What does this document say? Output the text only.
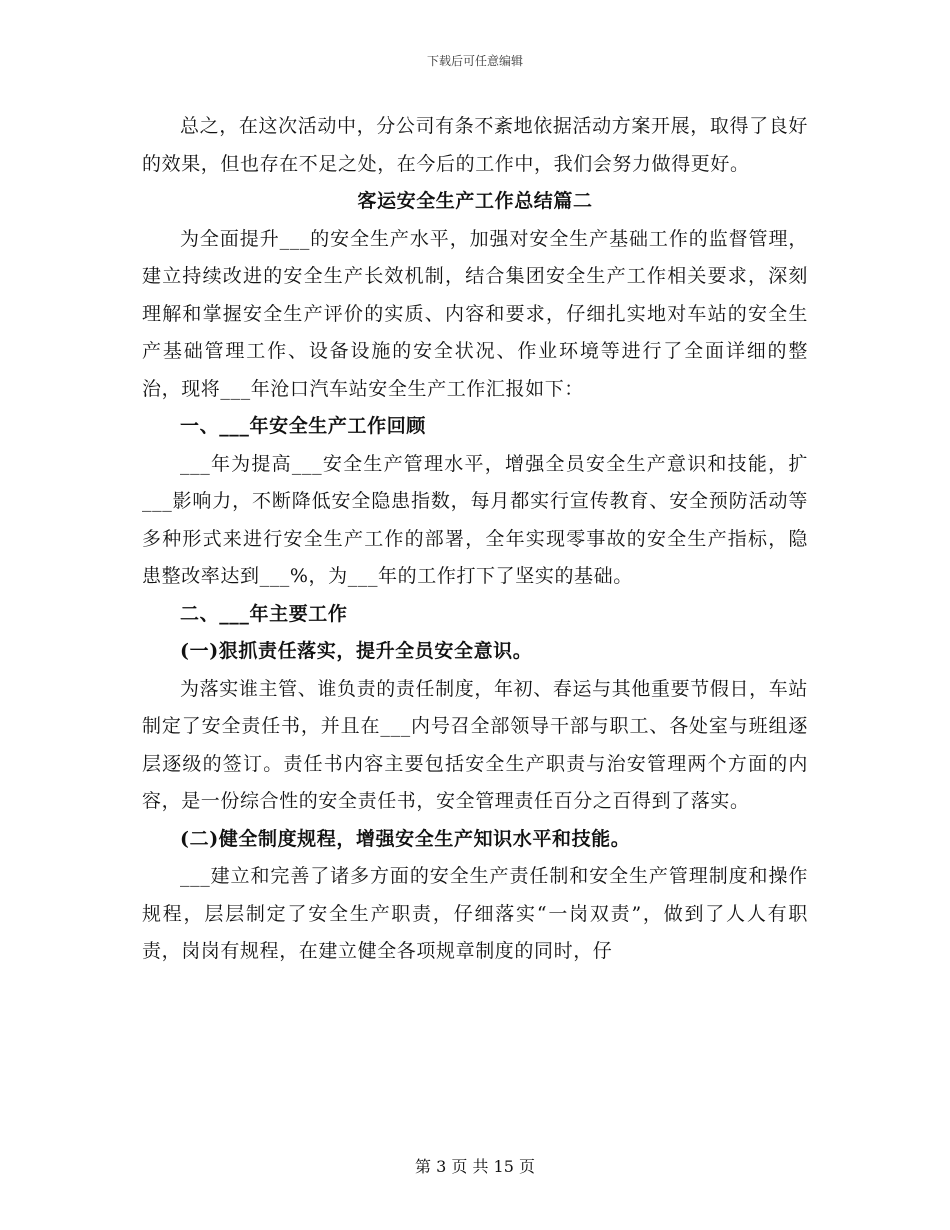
下载后可任意编辑

总之，在这次活动中，分公司有条不紊地依据活动方案开展，取得了良好的效果，但也存在不足之处，在今后的工作中，我们会努力做得更好。

客运安全生产工作总结篇二

为全面提升___的安全生产水平，加强对安全生产基础工作的监督管理，建立持续改进的安全生产长效机制，结合集团安全生产工作相关要求，深刻理解和掌握安全生产评价的实质、内容和要求，仔细扎实地对车站的安全生产基础管理工作、设备设施的安全状况、作业环境等进行了全面详细的整治，现将___年沧口汽车站安全生产工作汇报如下：

一、___年安全生产工作回顾

___年为提高___安全生产管理水平，增强全员安全生产意识和技能，扩___影响力，不断降低安全隐患指数，每月都实行宣传教育、安全预防活动等多种形式来进行安全生产工作的部署，全年实现零事故的安全生产指标，隐患整改率达到___%，为___年的工作打下了坚实的基础。

二、___年主要工作

(一)狠抓责任落实，提升全员安全意识。

为落实谁主管、谁负责的责任制度，年初、春运与其他重要节假日，车站制定了安全责任书，并且在___内号召全部领导干部与职工、各处室与班组逐层逐级的签订。责任书内容主要包括安全生产职责与治安管理两个方面的内容，是一份综合性的安全责任书，安全管理责任百分之百得到了落实。

(二)健全制度规程，增强安全生产知识水平和技能。

___建立和完善了诸多方面的安全生产责任制和安全生产管理制度和操作规程，层层制定了安全生产职责，仔细落实“一岗双责”，做到了人人有职责，岗岗有规程，在建立健全各项规章制度的同时，仔

第 3 页 共 15 页
